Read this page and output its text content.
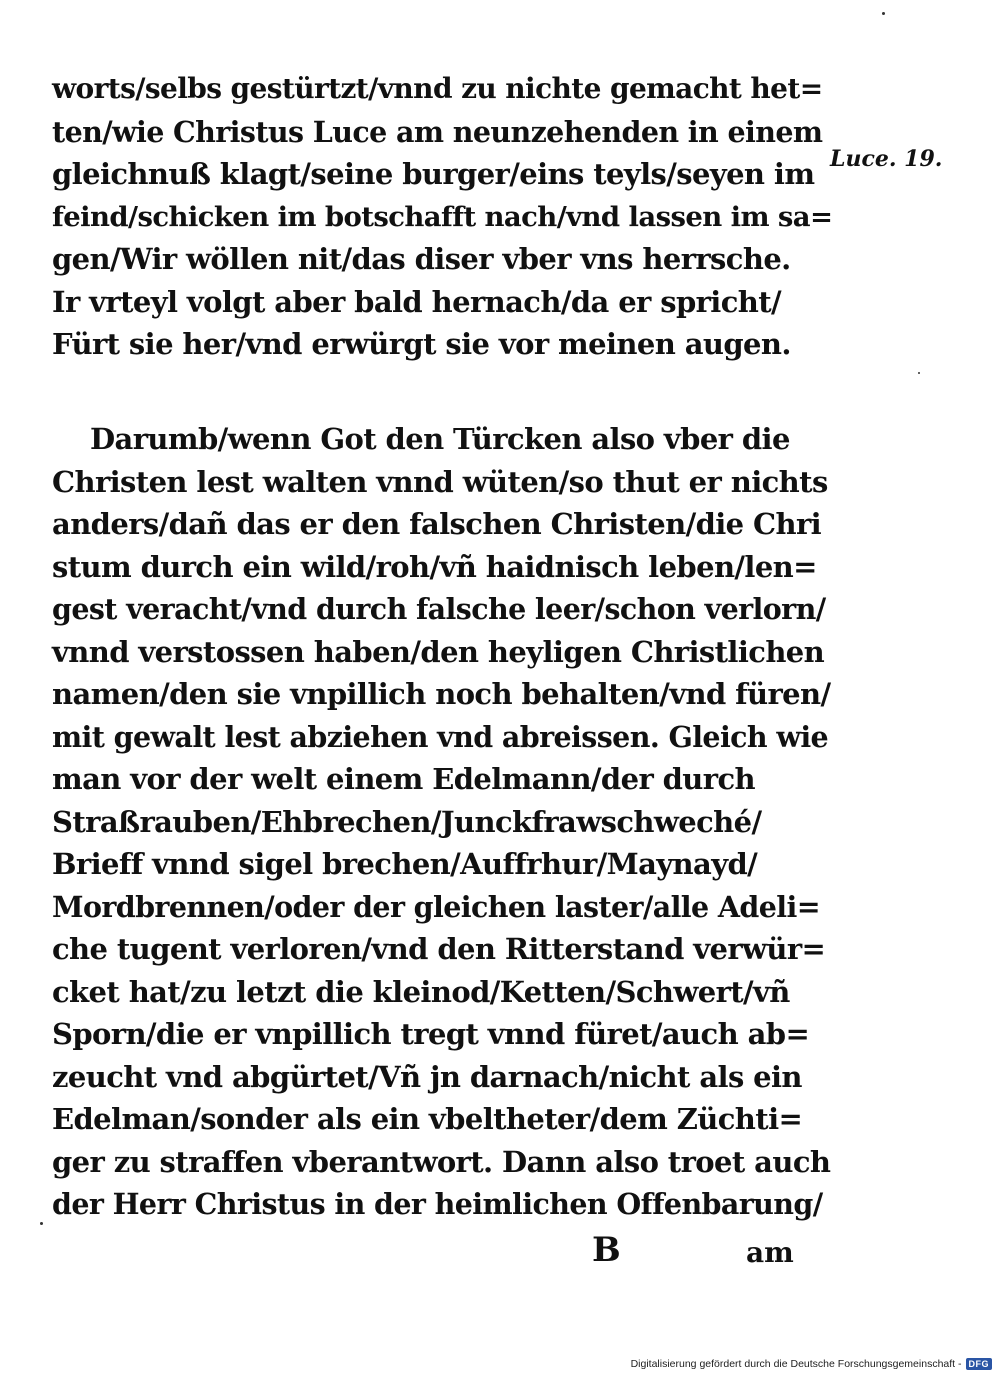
worts/selbs gestürtzt/vnnd zu nichte gemacht het=
ten/wie Christus Luce am neunzehenden in einem
gleichnuß klagt/seine burger/eins teyls/seyen im
feind/schicken im botschafft nach/vnd lassen im sa=
gen/Wir wöllen nit/das diser vber vns herrsche.
Ir vrteyl volgt aber bald hernach/da er spricht/
Fürt sie her/vnd erwürgt sie vor meinen augen.
Luce. 19.
Darumb/wenn Got den Türcken also vber die
Christen lest walten vnnd wüten/so thut er nichts
anders/dañ das er den falschen Christen/die Chri
stum durch ein wild/roh/vñ haidnisch leben/len=
gest veracht/vnd durch falsche leer/schon verlorn/
vnnd verstossen haben/den heyligen Christlichen
namen/den sie vnpillich noch behalten/vnd füren/
mit gewalt lest abziehen vnd abreissen. Gleich wie
man vor der welt einem Edelmann/der durch
Straßrauben/Ehbrechen/Junckfrawschweché/
Brieff vnnd sigel brechen/Auffrhur/Maynayd/
Mordbrennen/oder der gleichen laster/alle Adeli=
che tugent verloren/vnd den Ritterstand verwür=
cket hat/zu letzt die kleinod/Ketten/Schwert/vñ
Sporn/die er vnpillich tregt vnnd füret/auch ab=
zeucht vnd abgürtet/Vñ jn darnach/nicht als ein
Edelman/sonder als ein vbeltheter/dem Züchti=
ger zu straffen vberantwort. Dann also troet auch
der Herr Christus in der heimlichen Offenbarung/
B	am
Digitalisierung gefördert durch die Deutsche Forschungsgemeinschaft - DFG
